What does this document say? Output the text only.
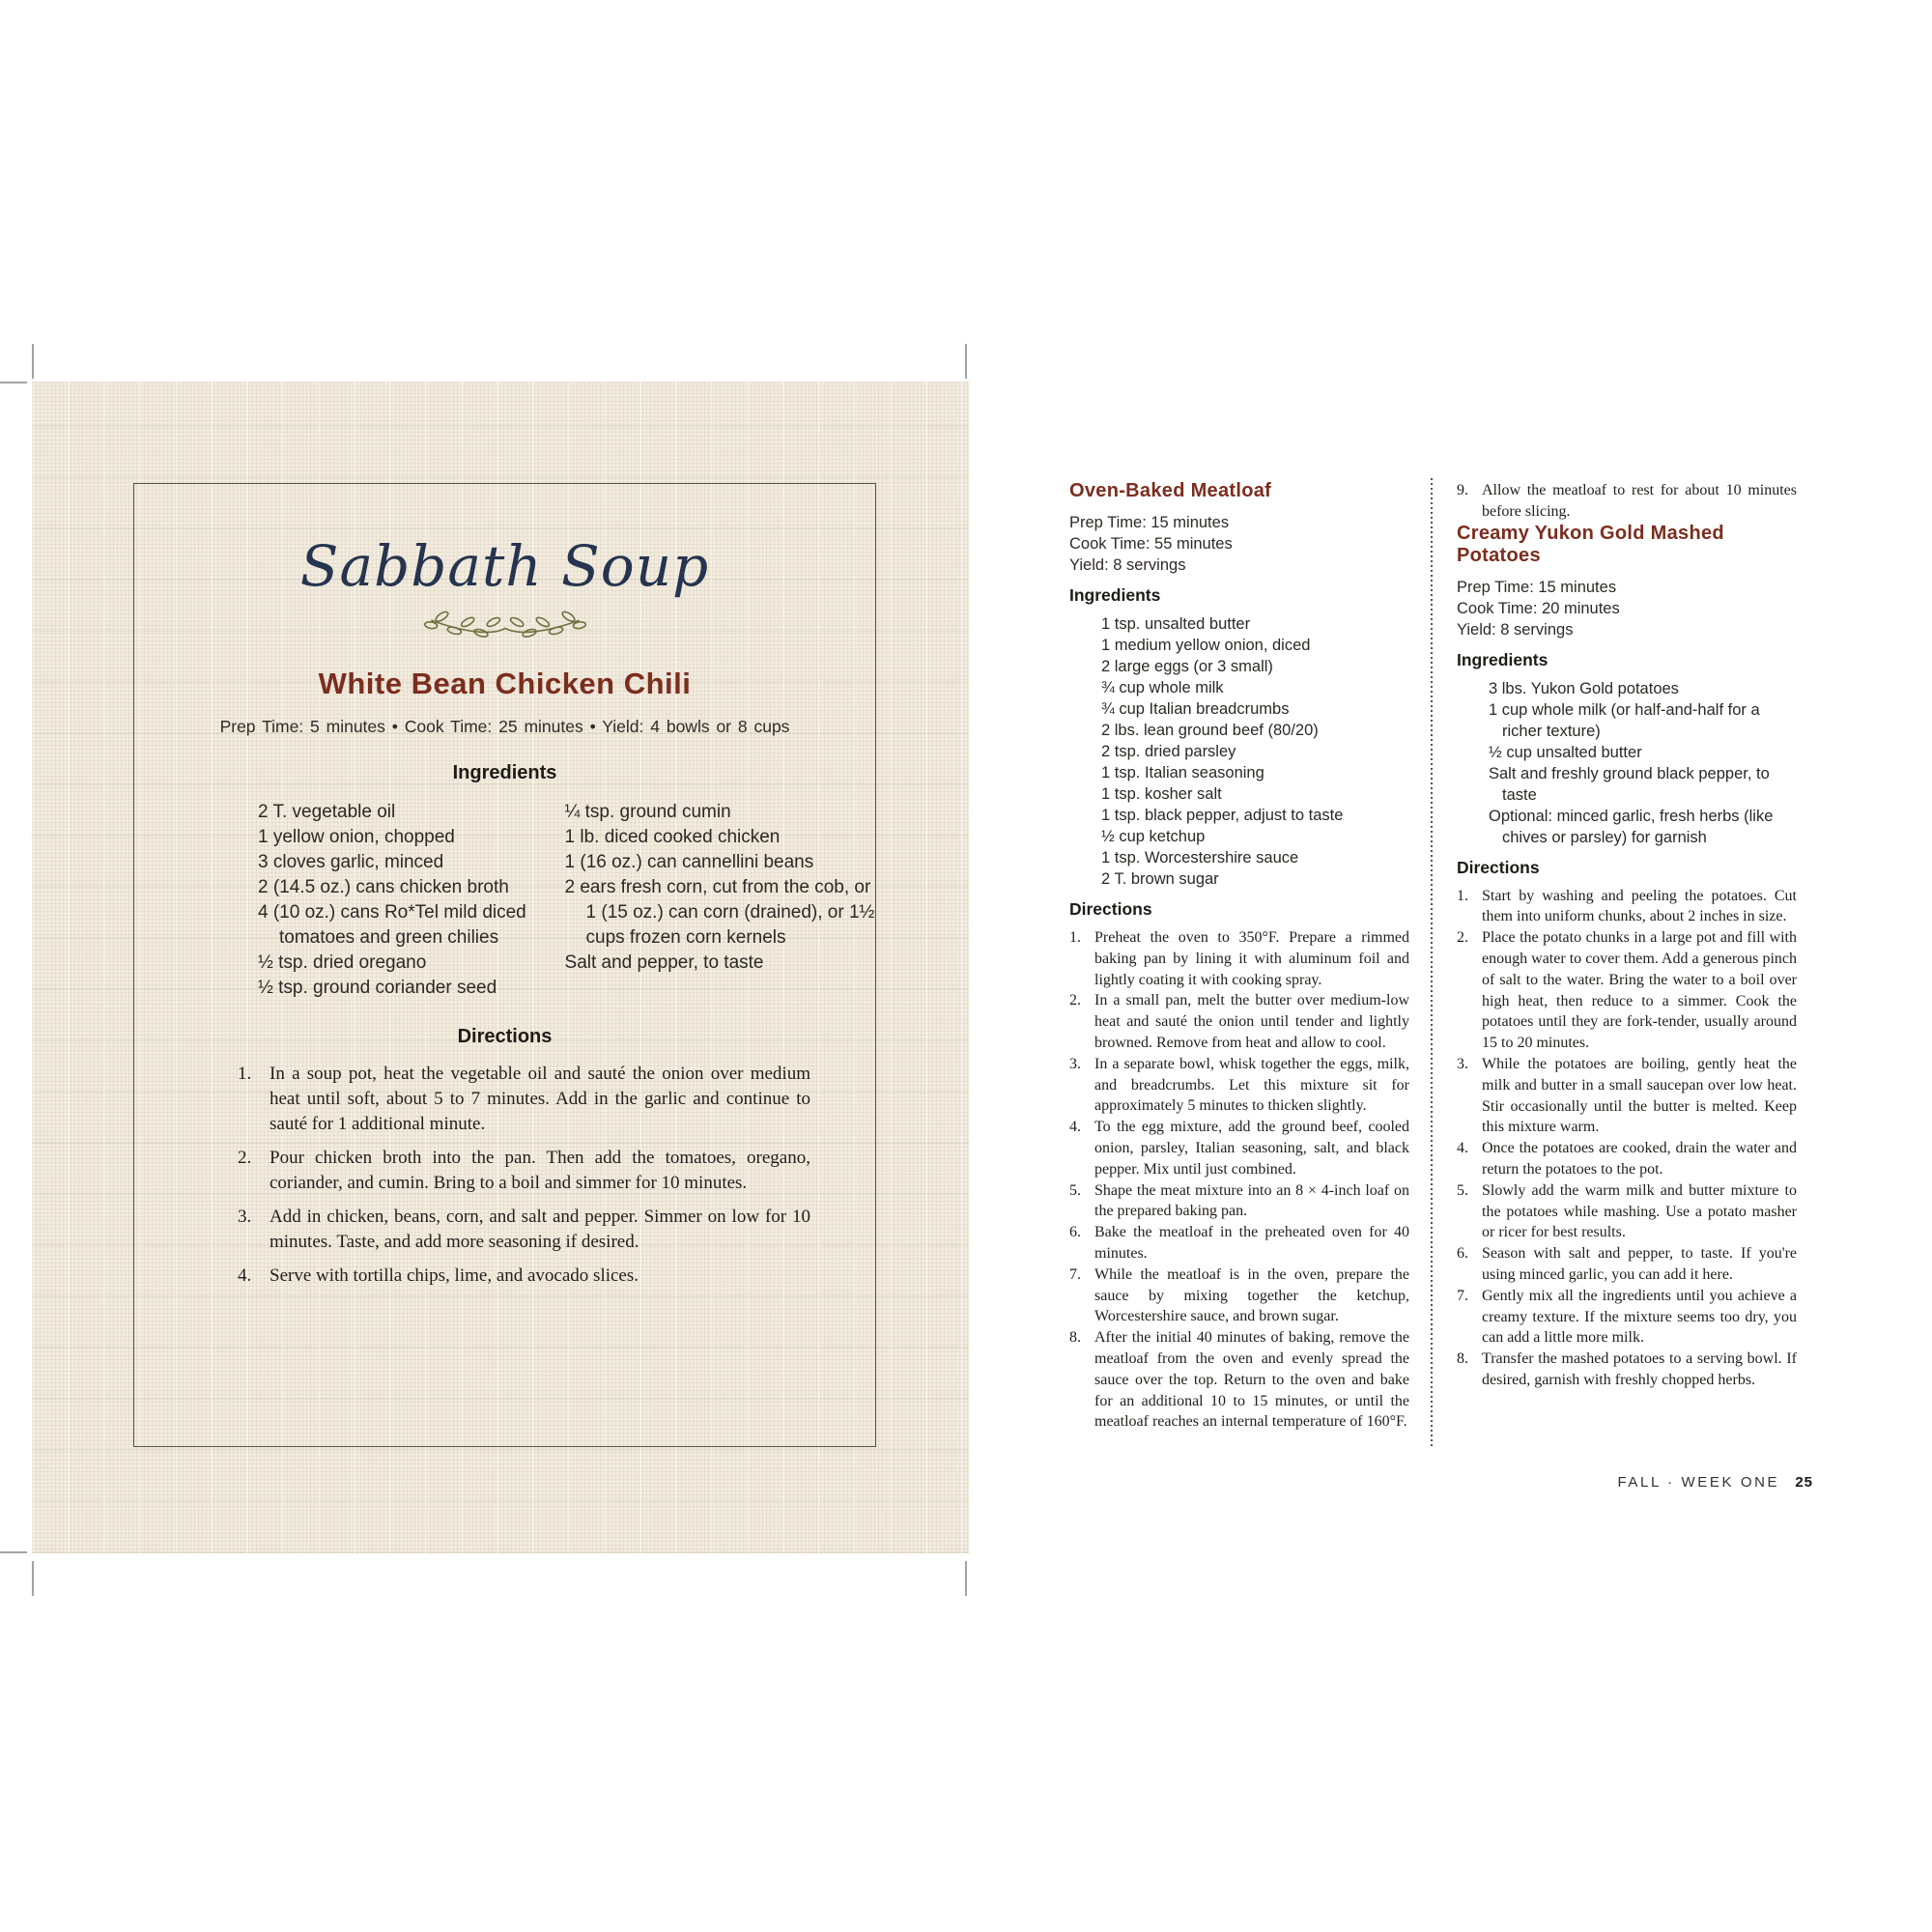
Sabbath Soup
White Bean Chicken Chili

Prep Time: 5 minutes • Cook Time: 25 minutes • Yield: 4 bowls or 8 cups

Ingredients
2 T. vegetable oil
1 yellow onion, chopped
3 cloves garlic, minced
2 (14.5 oz.) cans chicken broth
4 (10 oz.) cans Ro*Tel mild diced tomatoes and green chilies
½ tsp. dried oregano
½ tsp. ground coriander seed
¼ tsp. ground cumin
1 lb. diced cooked chicken
1 (16 oz.) can cannellini beans
2 ears fresh corn, cut from the cob, or 1 (15 oz.) can corn (drained), or 1½ cups frozen corn kernels
Salt and pepper, to taste
Directions
In a soup pot, heat the vegetable oil and sauté the onion over medium heat until soft, about 5 to 7 minutes. Add in the garlic and continue to sauté for 1 additional minute.
Pour chicken broth into the pan. Then add the tomatoes, oregano, coriander, and cumin. Bring to a boil and simmer for 10 minutes.
Add in chicken, beans, corn, and salt and pepper. Simmer on low for 10 minutes. Taste, and add more seasoning if desired.
Serve with tortilla chips, lime, and avocado slices.
Oven-Baked Meatloaf

Prep Time: 15 minutes

Cook Time: 55 minutes

Yield: 8 servings

Ingredients
1 tsp. unsalted butter
1 medium yellow onion, diced
2 large eggs (or 3 small)
¾ cup whole milk
¾ cup Italian breadcrumbs
2 lbs. lean ground beef (80/20)
2 tsp. dried parsley
1 tsp. Italian seasoning
1 tsp. kosher salt
1 tsp. black pepper, adjust to taste
½ cup ketchup
1 tsp. Worcestershire sauce
2 T. brown sugar
Directions
Preheat the oven to 350°F. Prepare a rimmed baking pan by lining it with aluminum foil and lightly coating it with cooking spray.
In a small pan, melt the butter over medium-low heat and sauté the onion until tender and lightly browned. Remove from heat and allow to cool.
In a separate bowl, whisk together the eggs, milk, and breadcrumbs. Let this mixture sit for approximately 5 minutes to thicken slightly.
To the egg mixture, add the ground beef, cooled onion, parsley, Italian seasoning, salt, and black pepper. Mix until just combined.
Shape the meat mixture into an 8 × 4-inch loaf on the prepared baking pan.
Bake the meatloaf in the preheated oven for 40 minutes.
While the meatloaf is in the oven, prepare the sauce by mixing together the ketchup, Worcestershire sauce, and brown sugar.
After the initial 40 minutes of baking, remove the meatloaf from the oven and evenly spread the sauce over the top. Return to the oven and bake for an additional 10 to 15 minutes, or until the meatloaf reaches an internal temperature of 160°F.
Allow the meatloaf to rest for about 10 minutes before slicing.
Creamy Yukon Gold Mashed Potatoes

Prep Time: 15 minutes

Cook Time: 20 minutes

Yield: 8 servings

Ingredients
3 lbs. Yukon Gold potatoes
1 cup whole milk (or half-and-half for a richer texture)
½ cup unsalted butter
Salt and freshly ground black pepper, to taste
Optional: minced garlic, fresh herbs (like chives or parsley) for garnish
Directions
Start by washing and peeling the potatoes. Cut them into uniform chunks, about 2 inches in size.
Place the potato chunks in a large pot and fill with enough water to cover them. Add a generous pinch of salt to the water. Bring the water to a boil over high heat, then reduce to a simmer. Cook the potatoes until they are fork-tender, usually around 15 to 20 minutes.
While the potatoes are boiling, gently heat the milk and butter in a small saucepan over low heat. Stir occasionally until the butter is melted. Keep this mixture warm.
Once the potatoes are cooked, drain the water and return the potatoes to the pot.
Slowly add the warm milk and butter mixture to the potatoes while mashing. Use a potato masher or ricer for best results.
Season with salt and pepper, to taste. If you're using minced garlic, you can add it here.
Gently mix all the ingredients until you achieve a creamy texture. If the mixture seems too dry, you can add a little more milk.
Transfer the mashed potatoes to a serving bowl. If desired, garnish with freshly chopped herbs.
FALL · WEEK ONE 25
